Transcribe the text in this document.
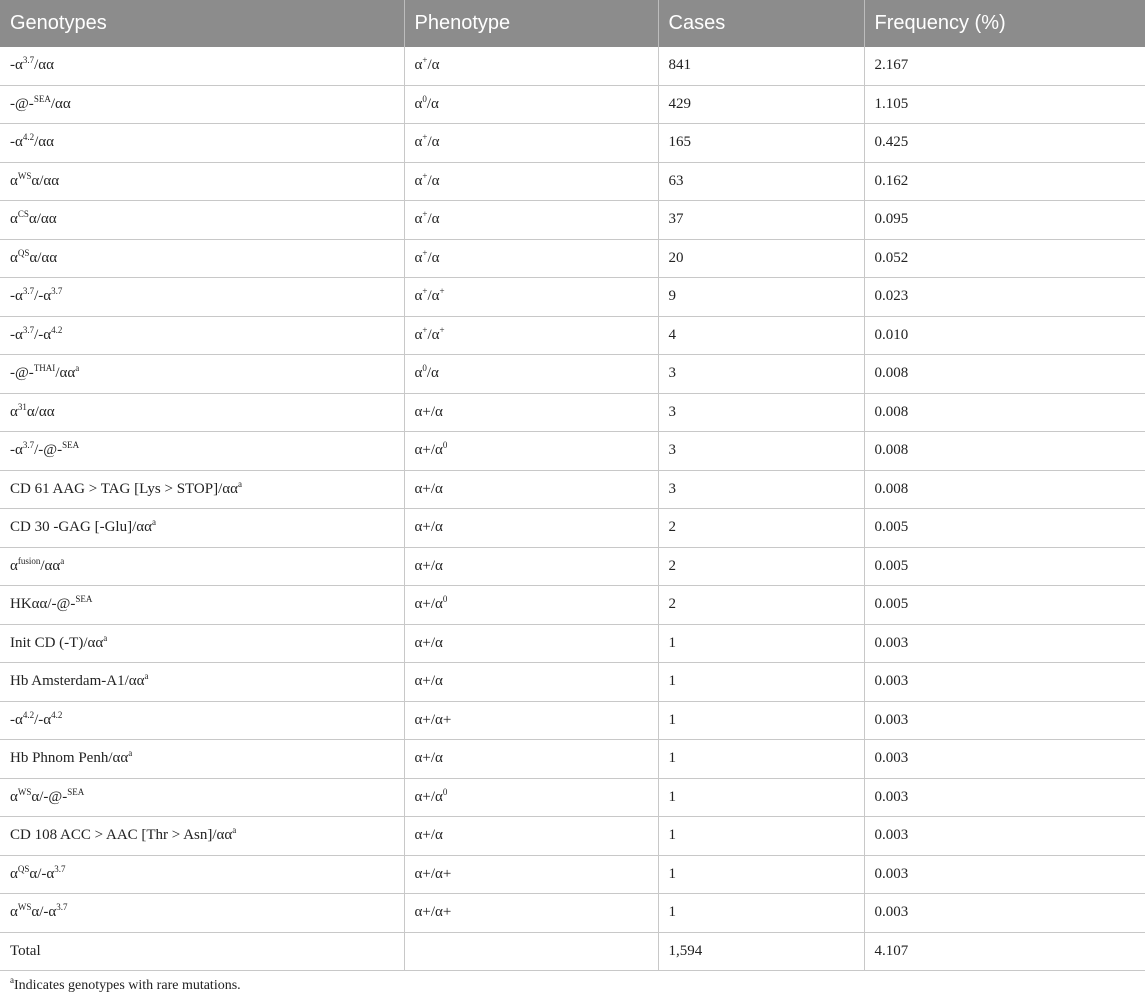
Genotypes	Phenotype	Cases	Frequency (%)
$-\alpha^{3.7}/\alpha\alpha$	α+/α	841	2.167
-@-$^{SEA}$/αα	$\alpha^0/\alpha$	429	1.105
$-\alpha^{4.2}/\alpha\alpha$	α+/α	165	0.425
$\alpha^{WS}\alpha/\alpha\alpha$	α+/α	63	0.162
$\alpha^{CS}\alpha/\alpha\alpha$	α+/α	37	0.095
$\alpha^{QS}\alpha/\alpha\alpha$	α+/α	20	0.052
$-\alpha^{3.7}/-\alpha^{3.7}$	α+/α+	9	0.023
$-\alpha^{3.7}/-\alpha^{4.2}$	α+/α+	4	0.010
$-@-^{THAI}/\alpha\alpha^a$	$\alpha^0/\alpha$	3	0.008
$\alpha^{31}\alpha/\alpha\alpha$	α+/α	3	0.008
$-\alpha^{3.7}/-@-^{SEA}$	$\alpha+/\alpha^0$	3	0.008
CD 61 AAG > TAG $[Lys > STOP]/\alpha\alpha^a$	α+/α	3	0.008
CD 30 -GAG $[-Glu]/\alpha\alpha^a$	α+/α	2	0.005
$\alpha^{fusion}/\alpha\alpha^a$	α+/α	2	0.005
HKαα/-@-$^{SEA}$	$\alpha+/\alpha^0$	2	0.005
Init CD $(-T)/\alpha\alpha^a$	α+/α	1	0.003
Hb Amsterdam-$A1/\alpha\alpha^a$	α+/α	1	0.003
$-\alpha^{4.2}/-\alpha^{4.2}$	α+/α+	1	0.003
Hb Phnom Penh/$\alpha\alpha^a$	α+/α	1	0.003
$\alpha^{WS}\alpha/-@-^{SEA}$	$\alpha+/\alpha^0$	1	0.003
CD 108 ACC > AAC $[Thr > Asn]/\alpha\alpha^a$	α+/α	1	0.003
$\alpha^{QS}\alpha/-\alpha^{3.7}$	α+/α+	1	0.003
$\alpha^{WS}\alpha/-\alpha^{3.7}$	α+/α+	1	0.003
Total		1,594	4.107
$^a$Indicates genotypes with rare mutations.
